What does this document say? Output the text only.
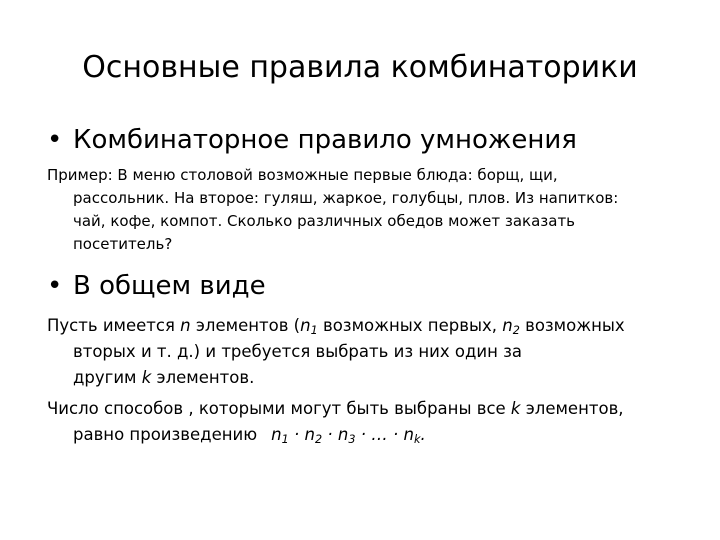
Основные правила комбинаторики
• Комбинаторное правило умножения
Пример: В меню столовой возможные первые блюда: борщ, щи,
рассольник. На второе: гуляш, жаркое, голубцы, плов. Из напитков:
чай, кофе, компот. Сколько различных обедов может заказать
посетитель?
• В общем виде
Пусть имеется n элементов ($n_1$ возможных первых, $n_2$ возможных
вторых и т. д.) и требуется выбрать из них один за
другим k элементов.
Число способов , которыми могут быть выбраны все k элементов,
равно произведению $n_1 \cdot n_2 \cdot n_3$ · … · $n_k$.
